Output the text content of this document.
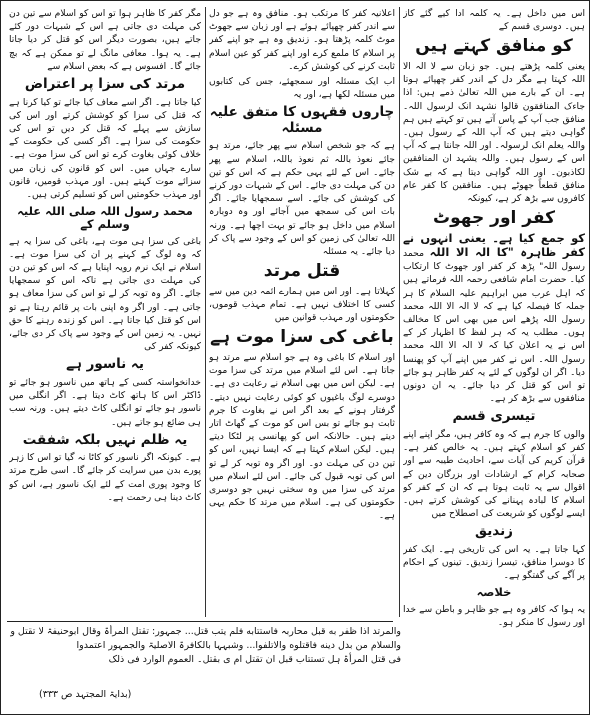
اس میں داخل ہے۔ یہ کلمہ ادا کیے گئے کاز ہیں۔ دوسری قسم کے

کو منافق کہتے ہیں

یعنی کلمہ پڑھتے ہیں۔ جو زبان سے لا الہ الا اللہ کہتا ہے مگر دل کے اندر کفر چھپائے ہوتا ہے۔ ان کے بارے میں اللہ تعالیٰ ذمے ہیں: اذا جاءک المنافقون قالوا نشہد انک لرسول اللہ۔ منافق جب آپ کے پاس آتے ہیں تو کہتے ہیں ہم گواہی دیتے ہیں کہ آپ اللہ کے رسول ہیں۔ واللہ یعلم انک لرسولہ۔ اور اللہ جانتا ہے کہ آپ اس کے رسول ہیں۔ واللہ یشہد ان المنافقین لکاذبون۔ اور اللہ گواہی دیتا ہے کہ بے شک منافق قطعاً جھوٹے ہیں۔ منافقین کا کفر عام کافروں سے بڑھ کر ہے، کیونکہ

کفر اور جھوٹ

کو جمع کیا ہے۔ یعنی انہوں نے کفر ظاہرہ "کا الہ الا اللہ محمد رسول اللہ" پڑھ کر کفر اور جھوٹ کا ارتکاب کیا۔ حضرت امام شافعی رحمہ اللہ فرماتے ہیں کہ اہل عرب میں ابراہیم علیہ السلام کا ہر جملہ کا فیصلہ کیا ہے کہ لا الہ الا اللہ محمد رسول اللہ پڑھے اس میں بھی اس کا مخالف ہوں۔ مطلب یہ کہ ہر لفظ کا اظہار کر کے اس نے یہ اعلان کیا کہ لا الہ الا اللہ محمد رسول اللہ۔ اس نے کفر میں اپنے آپ کو پھنسا دیا۔ اگر ان لوگوں کے لئے یہ کفر ظاہر ہو جائے تو اس کو قتل کر دیا جائے۔ یہ ان دونوں منافقوں سے بڑھ کر ہے۔

تیسری قسم

والوں کا جرم ہے کہ وہ کافر ہیں، مگر اپنے اپنے کفر کو اسلام کہتے ہیں۔ یہ خالص کفر ہے۔ قرآن کریم کی آیات سے، احادیث طیبہ سے اور صحابہ کرام کے ارشادات اور بزرگان دین کے اقوال سے یہ ثابت ہوتا ہے کہ ان کے کفر کو اسلام کا لبادہ پہنانے کی کوشش کرتے ہیں۔ ایسے لوگوں کو شریعت کی اصطلاح میں

زندیق

کہا جاتا ہے۔ یہ اس کی تاریخی ہے۔ ایک کفر کا دوسرا منافق، تیسرا زندیق۔ تینوں کے احکام پر آگے کی گفتگو ہے۔

خلاصہ

یہ ہوا کہ کافر وہ ہے جو ظاہر و باطن سے خدا اور رسول کا منکر ہو۔

اعلانیہ کفر کا مرتکب ہو۔ منافق وہ ہے جو دل سے اندر کفر چھپائے ہوئے ہے اور زبان سے جھوٹ موٹ کلمہ پڑھتا ہو۔ زندیق وہ ہے جو اپنے کفر پر اسلام کا ملمع کرے اور اپنے کفر کو عین اسلام ثابت کرنے کی کوشش کرے۔

اب ایک مسئلہ اور سمجھئے، جس کی کتابوں میں مسئلہ لکھا ہے، اور یہ

چاروں فقہوں کا متفق علیہ مسئلہ

ہے کہ جو شخص اسلام سے پھر جائے، مرتد ہو جائے نعوذ باللہ ثم نعوذ باللہ، اسلام سے پھر جائے۔ اس کے لئے یہی حکم ہے کہ اس کو تین دن کی مہلت دی جائے۔ اس کے شبہات دور کرنے کی کوشش کی جائے۔ اسے سمجھایا جائے۔ اگر بات اس کی سمجھ میں آجائے اور وہ دوبارہ اسلام میں داخل ہو جائے تو بہت اچھا ہے۔ ورنہ اللہ تعالیٰ کی زمین کو اس کے وجود سے پاک کر دیا جائے۔ یہ مسئلہ

قتل مرتد

کہلاتا ہے۔ اور اس میں ہمارے ائمہ دین میں سے کسی کا اختلاف نہیں ہے۔ تمام مہذب قوموں، حکومتوں اور مہذب قوانین میں

باغی کی سزا موت ہے

اور اسلام کا باغی وہ ہے جو اسلام سے مرتد ہو جاتا ہے۔ اس لئے اسلام میں مرتد کی سزا موت ہے۔ لیکن اس میں بھی اسلام نے رعایت دی ہے۔ دوسرے لوگ باغیوں کو کوئی رعایت نہیں دیتے۔ گرفتار ہونے کے بعد اگر اس نے بغاوت کا جرم ثابت ہو جائے تو بس اس کو موت کے گھاٹ اتار دیتے ہیں۔ حالانکہ اس کو پھانسی پر لٹکا دیتے ہیں۔ لیکن اسلام کہتا ہے کہ ایسا نہیں، اس کو تین دن کی مہلت دو۔ اور اگر وہ توبہ کر لے تو اس کی توبہ قبول کی جائے۔ اس لئے اسلام میں مرتد کی سزا میں وہ سختی نہیں جو دوسری حکومتوں کی ہے۔ اسلام میں مرتد کا حکم یہی ہے۔

مگر کفر کا ظاہر ہوا تو اس کو اسلام سے تین دن کی مہلت دی جاتی ہے اس کے شبہات دور کئے جاتے ہیں، بصورت دیگر اس کو قتل کر دیا جاتا ہے۔ یہ ہوا۔ معافی مانگ لے تو ممکن ہے کہ بچ جائے گا۔ افسوس ہے کہ بعض اسلام سے

مرتد کی سزا پر اعتراض

کیا جاتا ہے۔ اگر اسے معاف کیا جائے تو کیا کرنا ہے کہ قتل کی سزا کو کوشش کرتے اور اس کی سازش سے پہلے کہ قتل کر دیں تو اس کی حکومت کی سزا ہے۔ اگر کسی کی حکومت کے خلاف کوئی بغاوت کرے تو اس کی سزا موت ہے۔ سارے جہاں میں۔ اس کو قانون کی زبان میں سزائے موت کہتے ہیں۔ اور مہذب قومیں، قانون اور مہذب حکومتیں اس کو تسلیم کرتی ہیں۔

محمد رسول اللہ صلی اللہ علیہ وسلم کے

باغی کی سزا ہی موت ہے، باغی کی سزا یہ ہے کہ وہ لوگ کے کہنے پر ان کی سزا موت ہے۔ اسلام نے ایک نرم رویہ اپنایا ہے کہ اس کو تین دن کی مہلت دی جاتی ہے تاکہ اس کو سمجھایا جائے۔ اگر وہ توبہ کر لے تو اس کی سزا معاف ہو جاتی ہے۔ اور اگر وہ اپنی بات پر قائم رہتا ہے تو اس کو قتل کیا جاتا ہے۔ اس کو زندہ رہنے کا حق نہیں۔ یہ زمین اس کے وجود سے پاک کر دی جائے، کیونکہ کفر کی

یہ ناسور ہے

خدانخواستہ کسی کے ہاتھ میں ناسور ہو جائے تو ڈاکٹر اس کا ہاتھ کاٹ دیتا ہے۔ اگر انگلی میں ناسور ہو جائے تو انگلی کاٹ دیتے ہیں۔ ورنہ سب ہی ضائع ہو جاتے ہیں۔

یہ ظلم نہیں بلکہ شفقت

ہے۔ کیونکہ اگر ناسور کو کاٹا نہ گیا تو اس کا زہر پورے بدن میں سرایت کر جائے گا۔ اسی طرح مرتد کا وجود پوری امت کے لئے ایک ناسور ہے، اس کو کاٹ دینا ہی رحمت ہے۔

والمرتد اذا ظفر به قبل محاربہ فاستتابه فلم یتب قتل... جمہور: تقتل المرأۃ وقال ابوحنیفۃ لا تقتل و
والسلام من بدل دینه فاقتلوه والاتلفوا... وشبہہا بالکافرۃ الاصلیۃ والجمہور اعتمدوا
فی قتل المرأۃ ہل تستتاب قبل ان تقتل ام ی بقتل۔ العموم الوارد فی ذلک
(بدایۃ المجتہد ص ۳۳۳)
